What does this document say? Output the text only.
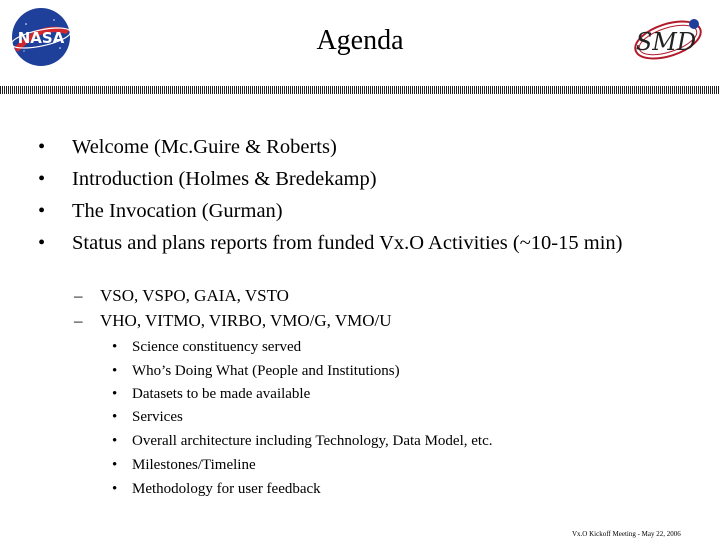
NASA	SMD
Agenda
•	Welcome (Mc.Guire & Roberts)
•	Introduction (Holmes & Bredekamp)
•	The Invocation (Gurman)
•	Status and plans reports from funded Vx.O Activities (~10-15 min)
–	VSO, VSPO, GAIA, VSTO
–	VHO, VITMO, VIRBO, VMO/G, VMO/U
• Science constituency served
• Who’s Doing What (People and Institutions)
• Datasets to be made available
• Services
• Overall architecture including Technology, Data Model, etc.
• Milestones/Timeline
• Methodology for user feedback
Vx.O Kickoff Meeting - May 22, 2006
